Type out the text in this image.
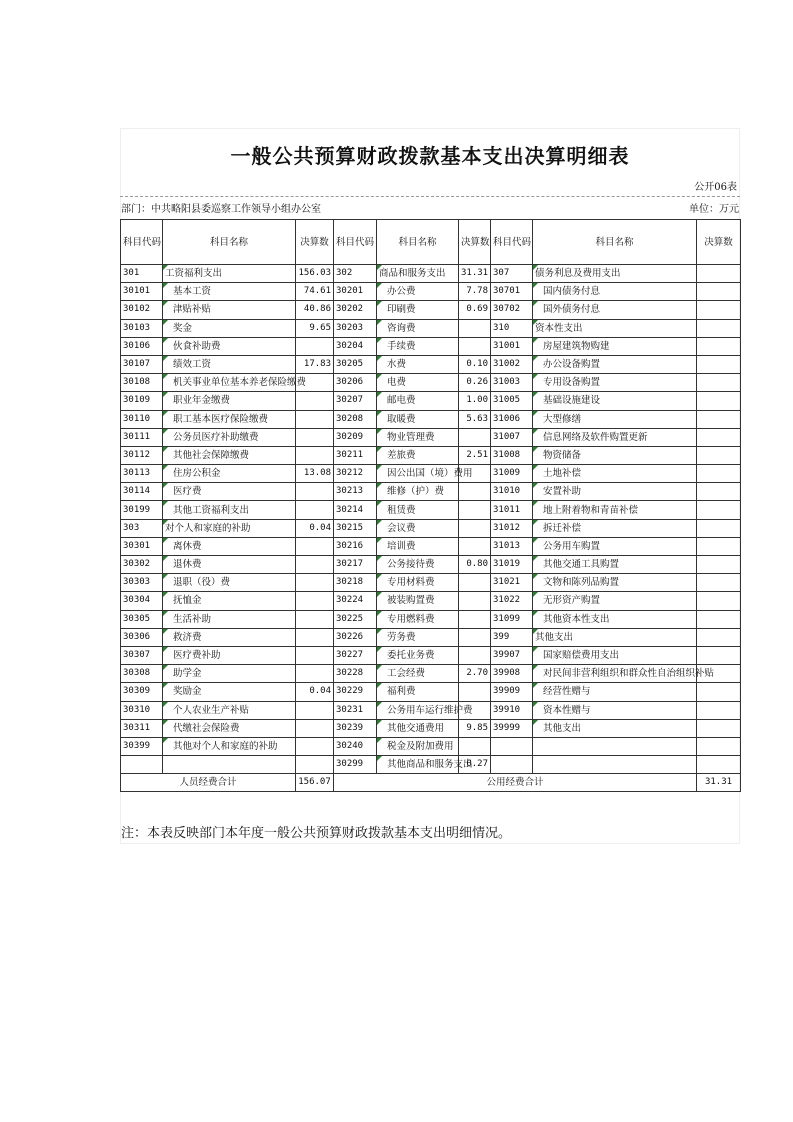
一般公共预算财政拨款基本支出决算明细表
公开06表
部门：中共略阳县委巡察工作领导小组办公室	单位：万元
科目代码	科目名称	决算数	科目代码	科目名称	决算数	科目代码	科目名称	决算数
301	工资福利支出	156.03	302	商品和服务支出	31.31	307	债务利息及费用支出	
30101	基本工资	74.61	30201	办公费	7.78	30701	国内债务付息	
30102	津贴补贴	40.86	30202	印刷费	0.69	30702	国外债务付息	
30103	奖金	9.65	30203	咨询费		310	资本性支出	
30106	伙食补助费		30204	手续费		31001	房屋建筑物购建	
30107	绩效工资	17.83	30205	水费	0.10	31002	办公设备购置	
30108	机关事业单位基本养老保险缴费		30206	电费	0.26	31003	专用设备购置	
30109	职业年金缴费		30207	邮电费	1.00	31005	基础设施建设	
30110	职工基本医疗保险缴费		30208	取暖费	5.63	31006	大型修缮	
30111	公务员医疗补助缴费		30209	物业管理费		31007	信息网络及软件购置更新	
30112	其他社会保障缴费		30211	差旅费	2.51	31008	物资储备	
30113	住房公积金	13.08	30212	因公出国（境）费用		31009	土地补偿	
30114	医疗费		30213	维修（护）费		31010	安置补助	
30199	其他工资福利支出		30214	租赁费		31011	地上附着物和青苗补偿	
303	对个人和家庭的补助	0.04	30215	会议费		31012	拆迁补偿	
30301	离休费		30216	培训费		31013	公务用车购置	
30302	退休费		30217	公务接待费	0.80	31019	其他交通工具购置	
30303	退职（役）费		30218	专用材料费		31021	文物和陈列品购置	
30304	抚恤金		30224	被装购置费		31022	无形资产购置	
30305	生活补助		30225	专用燃料费		31099	其他资本性支出	
30306	救济费		30226	劳务费		399	其他支出	
30307	医疗费补助		30227	委托业务费		39907	国家赔偿费用支出	
30308	助学金		30228	工会经费	2.70	39908	对民间非营利组织和群众性自治组织补贴	
30309	奖励金	0.04	30229	福利费		39909	经营性赠与	
30310	个人农业生产补贴		30231	公务用车运行维护费		39910	资本性赠与	
30311	代缴社会保险费		30239	其他交通费用	9.85	39999	其他支出	
30399	其他对个人和家庭的补助		30240	税金及附加费用				
			30299	其他商品和服务支出	0.27			
人员经费合计		156.07	公用经费合计					31.31
注：本表反映部门本年度一般公共预算财政拨款基本支出明细情况。
